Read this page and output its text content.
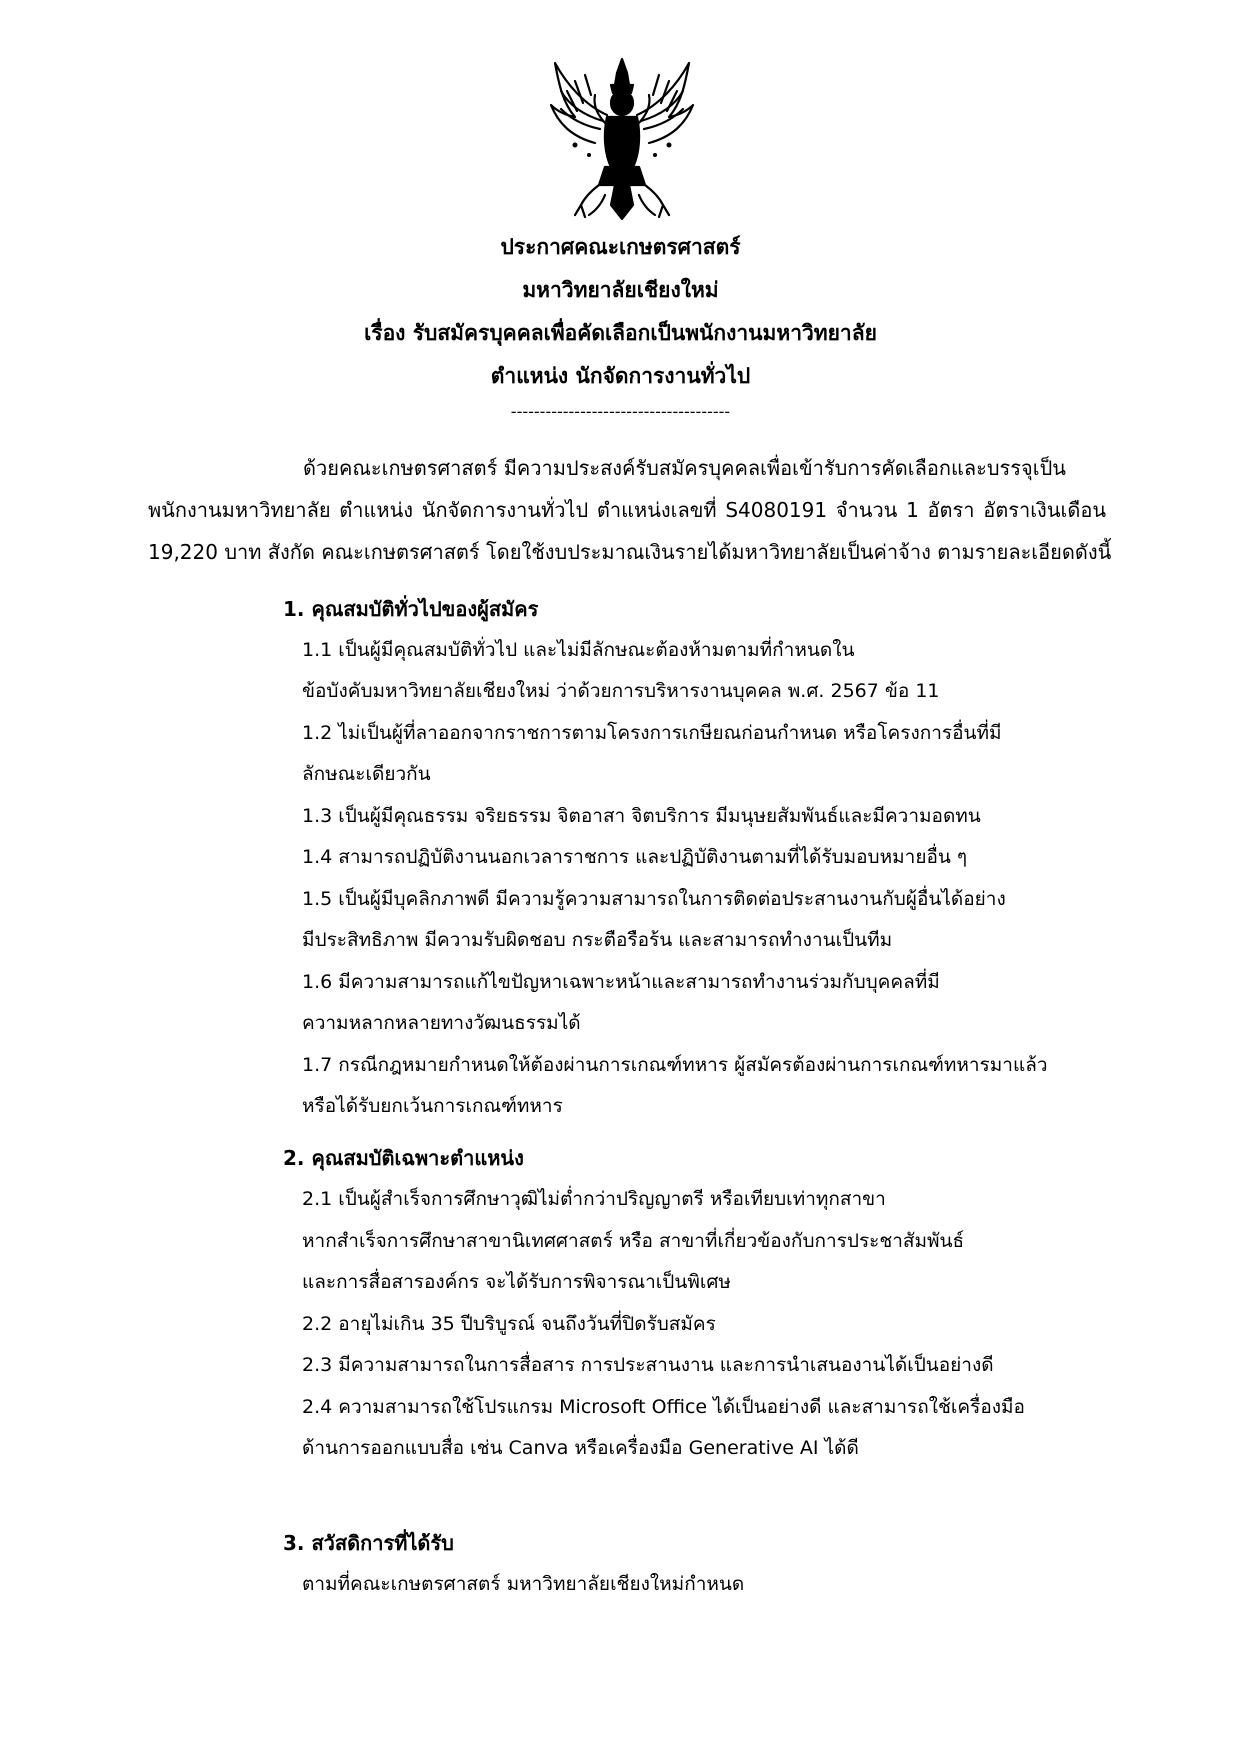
ประกาศคณะเกษตรศาสตร์
มหาวิทยาลัยเชียงใหม่
เรื่อง รับสมัครบุคคลเพื่อคัดเลือกเป็นพนักงานมหาวิทยาลัย
ตำแหน่ง นักจัดการงานทั่วไป
--------------------------------------
ด้วยคณะเกษตรศาสตร์ มีความประสงค์รับสมัครบุคคลเพื่อเข้ารับการคัดเลือกและบรรจุเป็น
พนักงานมหาวิทยาลัย ตำแหน่ง นักจัดการงานทั่วไป ตำแหน่งเลขที่ S4080191 จำนวน 1 อัตรา อัตราเงินเดือน
19,220 บาท สังกัด คณะเกษตรศาสตร์ โดยใช้งบประมาณเงินรายได้มหาวิทยาลัยเป็นค่าจ้าง ตามรายละเอียดดังนี้
1. คุณสมบัติทั่วไปของผู้สมัคร
1.1 เป็นผู้มีคุณสมบัติทั่วไป และไม่มีลักษณะต้องห้ามตามที่กำหนดใน
ข้อบังคับมหาวิทยาลัยเชียงใหม่ ว่าด้วยการบริหารงานบุคคล พ.ศ. 2567 ข้อ 11
1.2 ไม่เป็นผู้ที่ลาออกจากราชการตามโครงการเกษียณก่อนกำหนด หรือโครงการอื่นที่มี
ลักษณะเดียวกัน
1.3 เป็นผู้มีคุณธรรม จริยธรรม จิตอาสา จิตบริการ มีมนุษยสัมพันธ์และมีความอดทน
1.4 สามารถปฏิบัติงานนอกเวลาราชการ และปฏิบัติงานตามที่ได้รับมอบหมายอื่น ๆ
1.5 เป็นผู้มีบุคลิกภาพดี มีความรู้ความสามารถในการติดต่อประสานงานกับผู้อื่นได้อย่าง
มีประสิทธิภาพ มีความรับผิดชอบ กระตือรือร้น และสามารถทำงานเป็นทีม
1.6 มีความสามารถแก้ไขปัญหาเฉพาะหน้าและสามารถทำงานร่วมกับบุคคลที่มี
ความหลากหลายทางวัฒนธรรมได้
1.7 กรณีกฎหมายกำหนดให้ต้องผ่านการเกณฑ์ทหาร ผู้สมัครต้องผ่านการเกณฑ์ทหารมาแล้ว
หรือได้รับยกเว้นการเกณฑ์ทหาร
2. คุณสมบัติเฉพาะตำแหน่ง
2.1 เป็นผู้สำเร็จการศึกษาวุฒิไม่ต่ำกว่าปริญญาตรี หรือเทียบเท่าทุกสาขา
หากสำเร็จการศึกษาสาขานิเทศศาสตร์ หรือ สาขาที่เกี่ยวข้องกับการประชาสัมพันธ์
และการสื่อสารองค์กร จะได้รับการพิจารณาเป็นพิเศษ
2.2 อายุไม่เกิน 35 ปีบริบูรณ์ จนถึงวันที่ปิดรับสมัคร
2.3 มีความสามารถในการสื่อสาร การประสานงาน และการนำเสนองานได้เป็นอย่างดี
2.4 ความสามารถใช้โปรแกรม Microsoft Office ได้เป็นอย่างดี และสามารถใช้เครื่องมือ
ด้านการออกแบบสื่อ เช่น Canva หรือเครื่องมือ Generative AI ได้ดี
3. สวัสดิการที่ได้รับ
ตามที่คณะเกษตรศาสตร์ มหาวิทยาลัยเชียงใหม่กำหนด
